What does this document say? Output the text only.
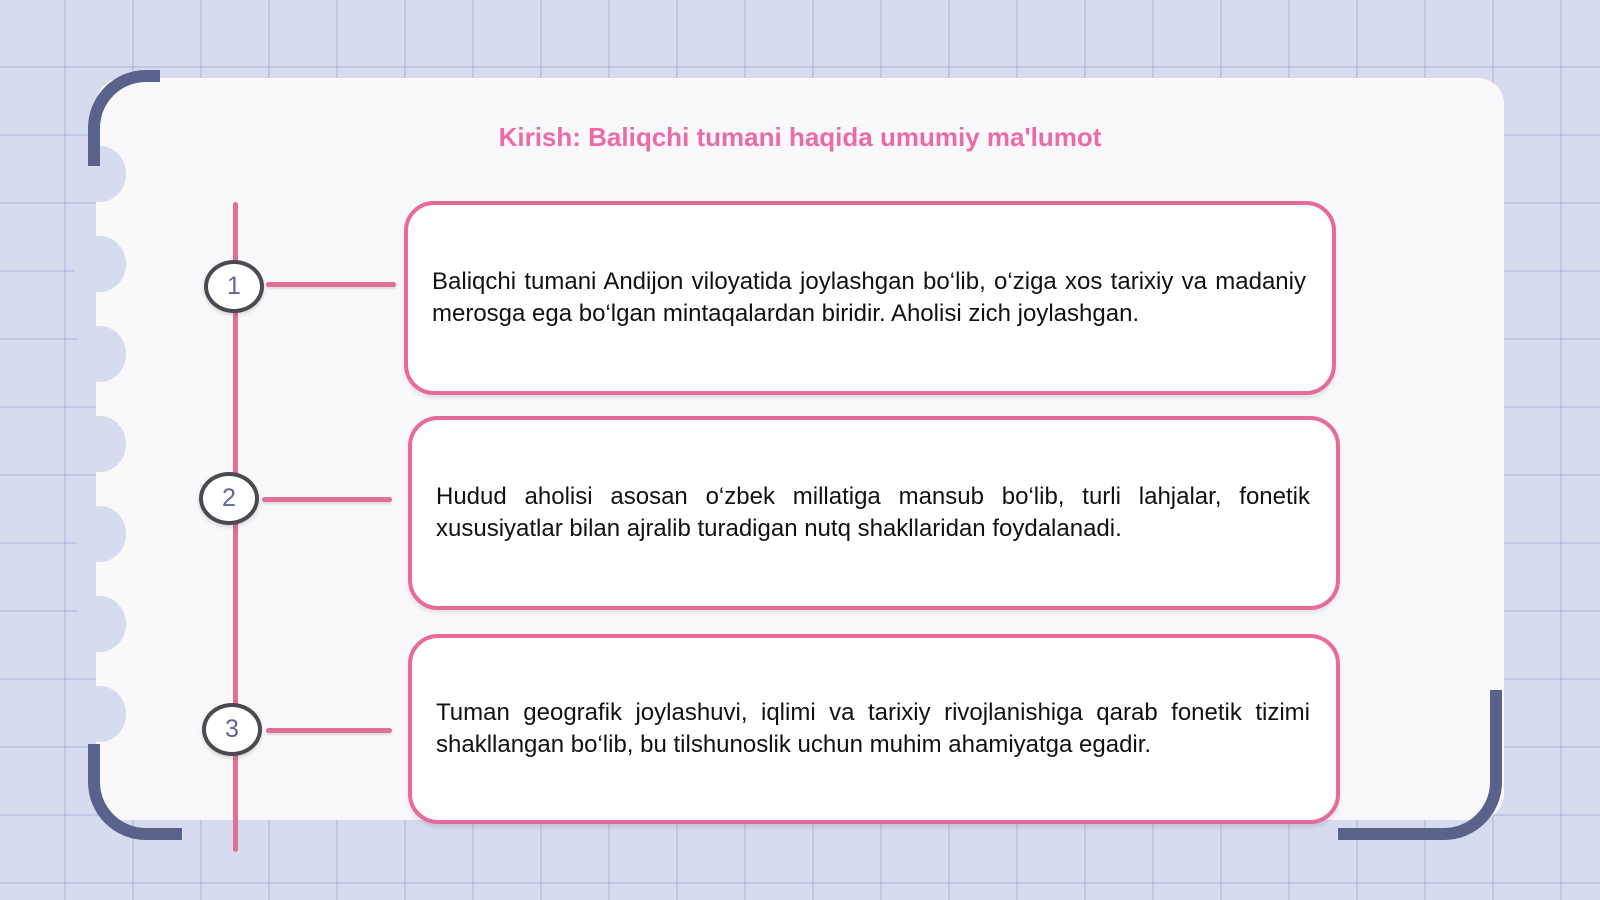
Kirish: Baliqchi tumani haqida umumiy ma'lumot
1	Baliqchi tumani Andijon viloyatida joylashgan bo‘lib, o‘ziga xos tarixiy va madaniy merosga ega bo‘lgan mintaqalardan biridir. Aholisi zich joylashgan.

2	Hudud aholisi asosan o‘zbek millatiga mansub bo‘lib, turli lahjalar, fonetik xususiyatlar bilan ajralib turadigan nutq shakllaridan foydalanadi.

3

Tuman geografik joylashuvi, iqlimi va tarixiy rivojlanishiga qarab fonetik tizimi shakllangan bo‘lib, bu tilshunoslik uchun muhim ahamiyatga egadir.
